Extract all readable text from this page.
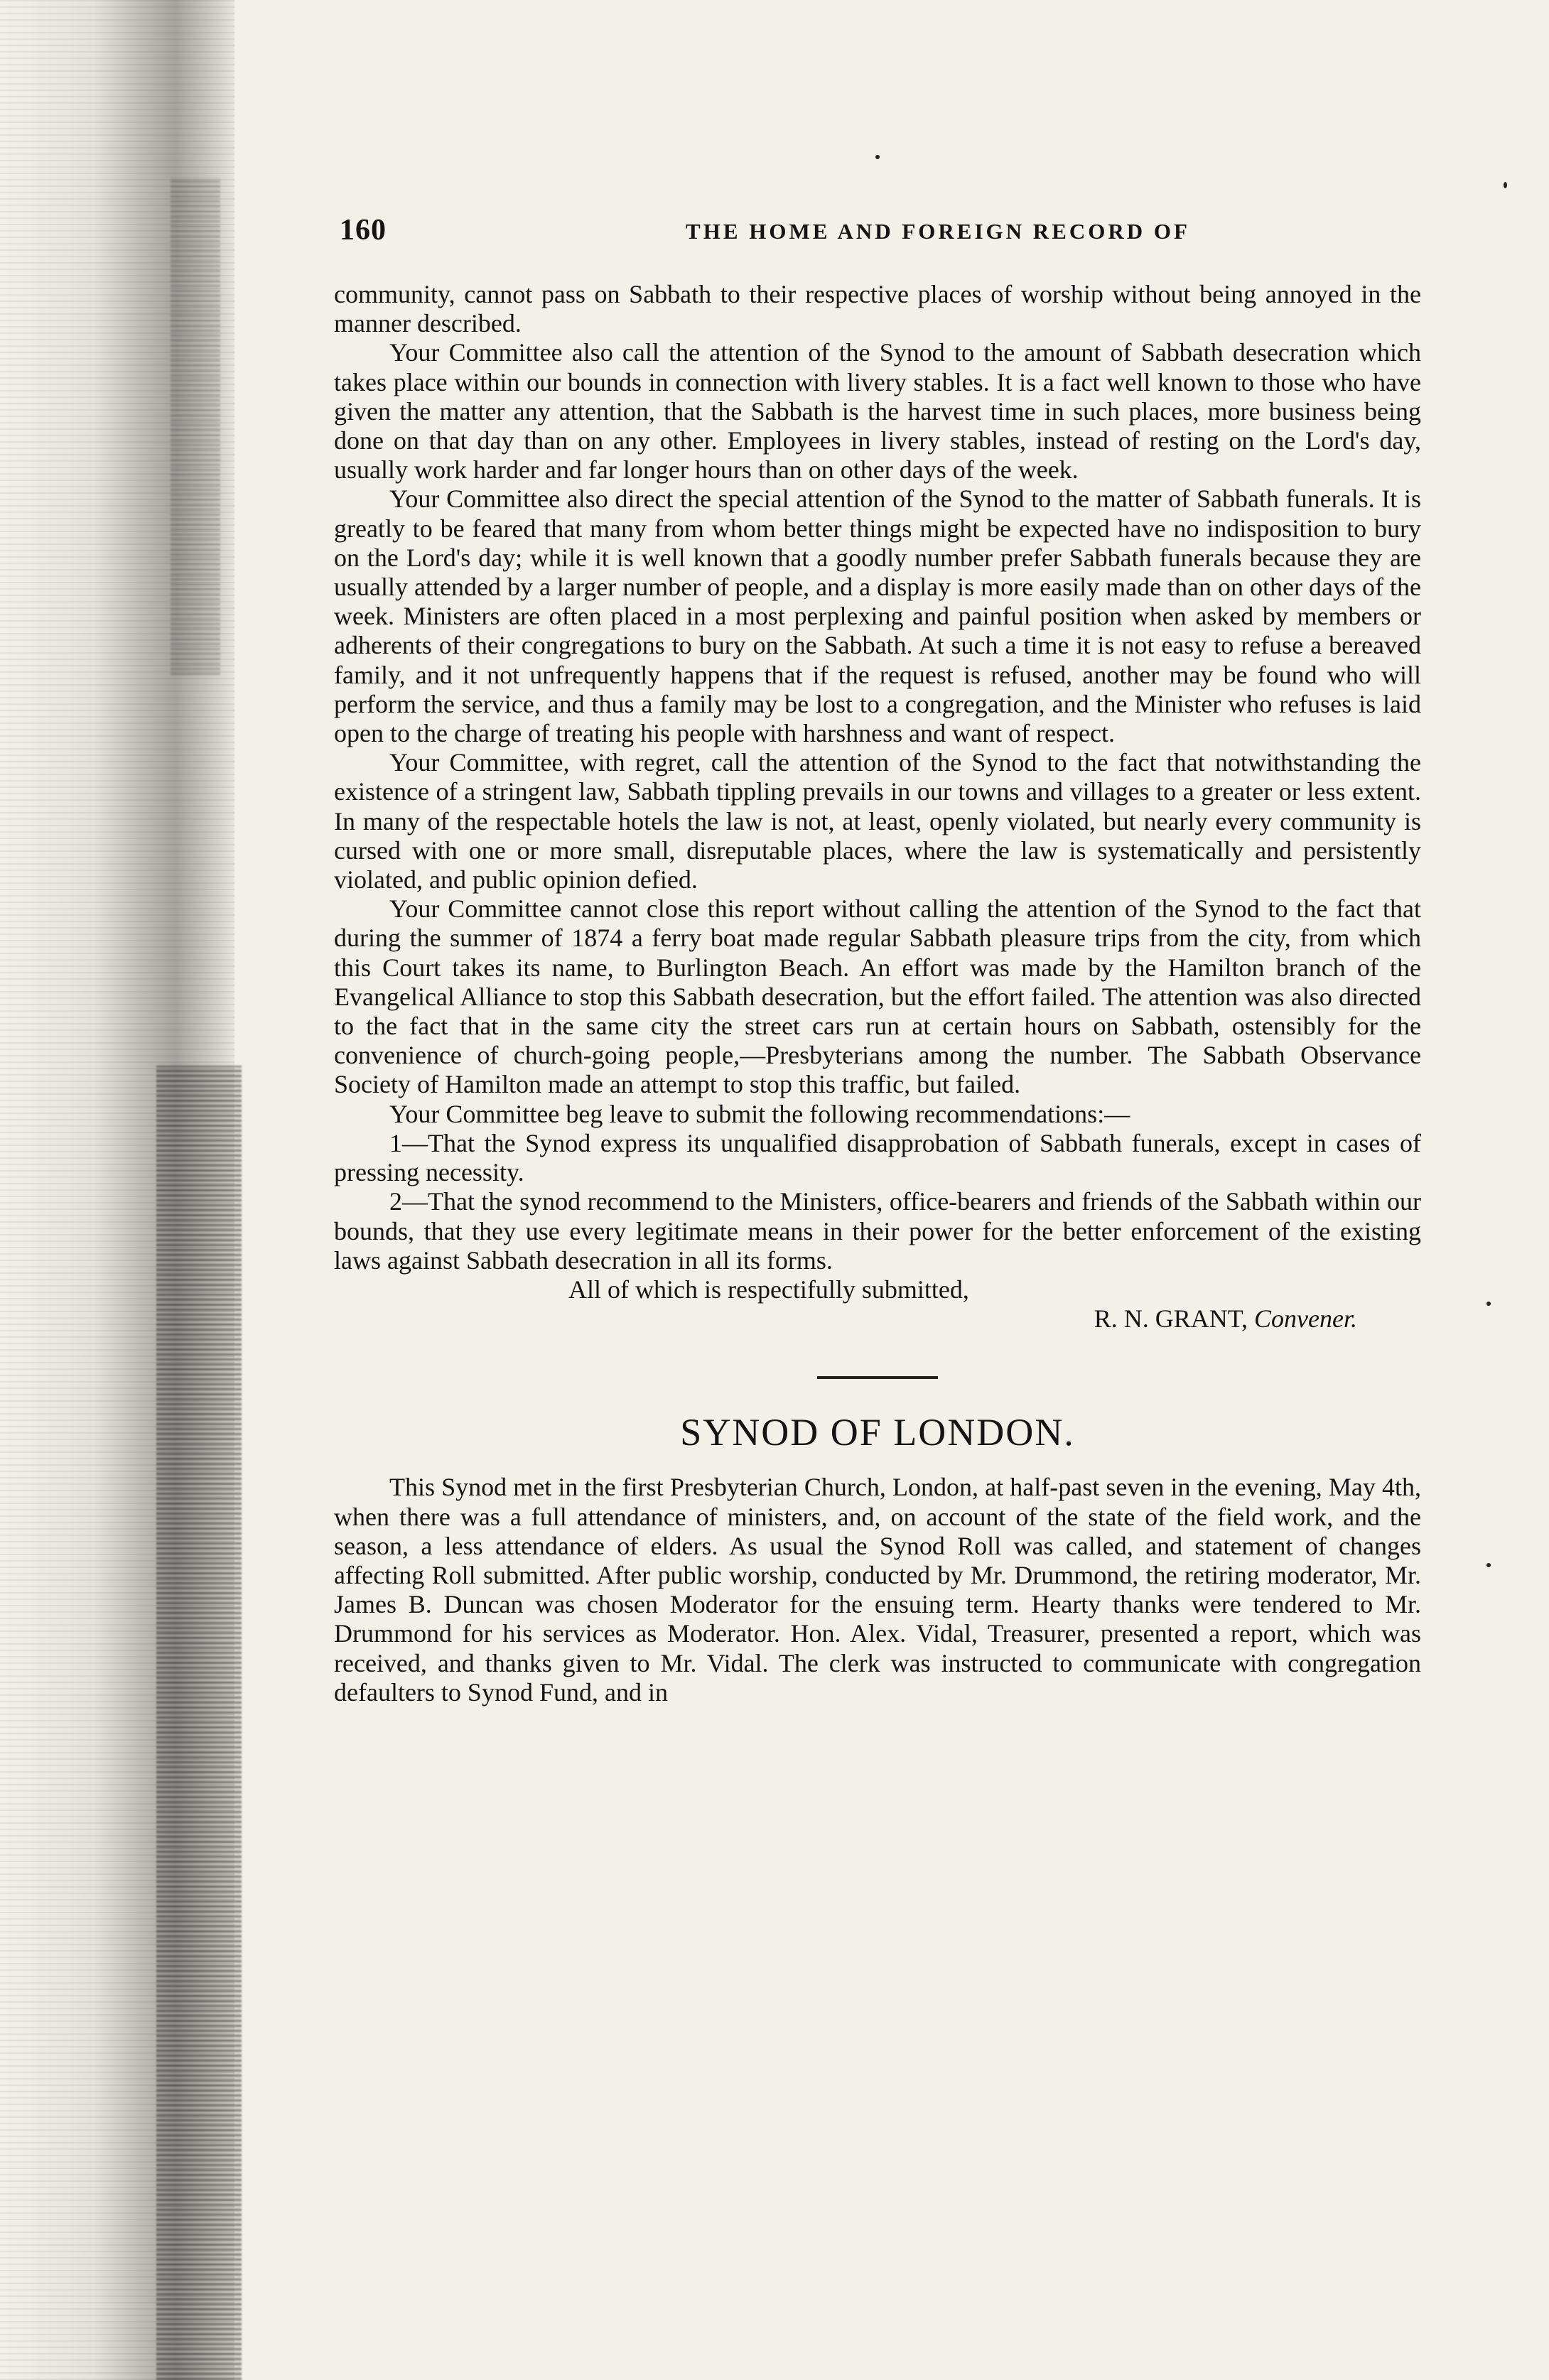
160	THE HOME AND FOREIGN RECORD OF

community, cannot pass on Sabbath to their respective places of worship without being annoyed in the manner described.

Your Committee also call the attention of the Synod to the amount of Sabbath desecration which takes place within our bounds in connection with livery stables. It is a fact well known to those who have given the matter any attention, that the Sabbath is the harvest time in such places, more business being done on that day than on any other. Employees in livery stables, instead of resting on the Lord's day, usually work harder and far longer hours than on other days of the week.

Your Committee also direct the special attention of the Synod to the matter of Sabbath funerals. It is greatly to be feared that many from whom better things might be expected have no indisposition to bury on the Lord's day; while it is well known that a goodly number prefer Sabbath funerals because they are usually attended by a larger number of people, and a display is more easily made than on other days of the week. Ministers are often placed in a most perplexing and painful position when asked by members or adherents of their congregations to bury on the Sabbath. At such a time it is not easy to refuse a bereaved family, and it not unfrequently happens that if the request is refused, another may be found who will perform the service, and thus a family may be lost to a congregation, and the Minister who refuses is laid open to the charge of treating his people with harshness and want of respect.

Your Committee, with regret, call the attention of the Synod to the fact that notwithstanding the existence of a stringent law, Sabbath tippling prevails in our towns and villages to a greater or less extent. In many of the respectable hotels the law is not, at least, openly violated, but nearly every community is cursed with one or more small, disreputable places, where the law is systematically and persistently violated, and public opinion defied.

Your Committee cannot close this report without calling the attention of the Synod to the fact that during the summer of 1874 a ferry boat made regular Sabbath pleasure trips from the city, from which this Court takes its name, to Burlington Beach. An effort was made by the Hamilton branch of the Evangelical Alliance to stop this Sabbath desecration, but the effort failed. The attention was also directed to the fact that in the same city the street cars run at certain hours on Sabbath, ostensibly for the convenience of church-going people,—Presbyterians among the number. The Sabbath Observance Society of Hamilton made an attempt to stop this traffic, but failed.

Your Committee beg leave to submit the following recommendations:—

1—That the Synod express its unqualified disapprobation of Sabbath funerals, except in cases of pressing necessity.

2—That the synod recommend to the Ministers, office-bearers and friends of the Sabbath within our bounds, that they use every legitimate means in their power for the better enforcement of the existing laws against Sabbath desecration in all its forms.

All of which is respectifully submitted,
R. N. GRANT, Convener.
SYNOD OF LONDON.

This Synod met in the first Presbyterian Church, London, at half-past seven in the evening, May 4th, when there was a full attendance of ministers, and, on account of the state of the field work, and the season, a less attendance of elders. As usual the Synod Roll was called, and statement of changes affecting Roll submitted. After public worship, conducted by Mr. Drummond, the retiring moderator, Mr. James B. Duncan was chosen Moderator for the ensuing term. Hearty thanks were tendered to Mr. Drummond for his services as Moderator. Hon. Alex. Vidal, Treasurer, presented a report, which was received, and thanks given to Mr. Vidal. The clerk was instructed to communicate with congregation defaulters to Synod Fund, and in
